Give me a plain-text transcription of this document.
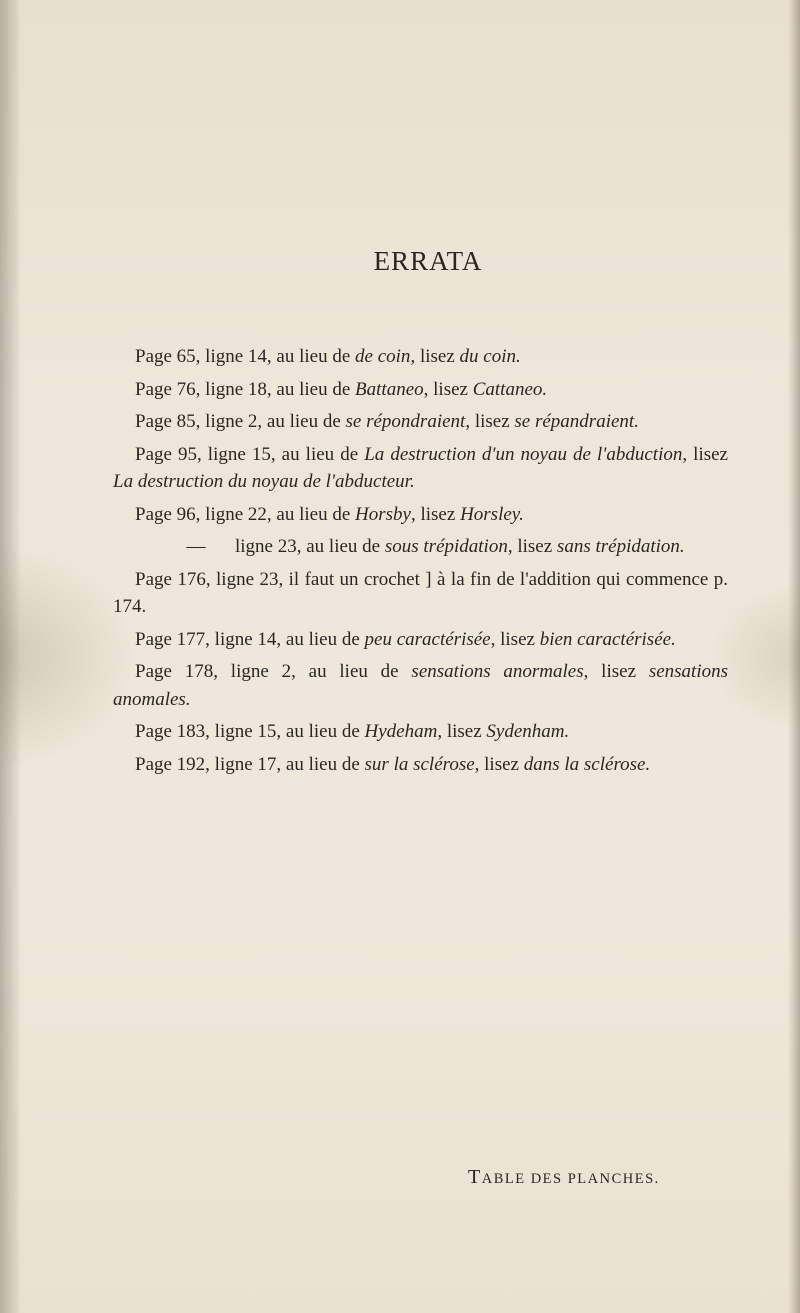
ERRATA
Page 65, ligne 14, au lieu de de coin, lisez du coin.
Page 76, ligne 18, au lieu de Battaneo, lisez Cattaneo.
Page 85, ligne 2, au lieu de se répondraient, lisez se répandraient.
Page 95, ligne 15, au lieu de La destruction d'un noyau de l'abduction, lisez La destruction du noyau de l'abducteur.
Page 96, ligne 22, au lieu de Horsby, lisez Horsley.
— ligne 23, au lieu de sous trépidation, lisez sans trépidation.
Page 176, ligne 23, il faut un crochet ] à la fin de l'addition qui commence p. 174.
Page 177, ligne 14, au lieu de peu caractérisée, lisez bien caractérisée.
Page 178, ligne 2, au lieu de sensations anormales, lisez sensations anomales.
Page 183, ligne 15, au lieu de Hydeham, lisez Sydenham.
Page 192, ligne 17, au lieu de sur la sclérose, lisez dans la sclérose.

TABLE DES PLANCHES.
